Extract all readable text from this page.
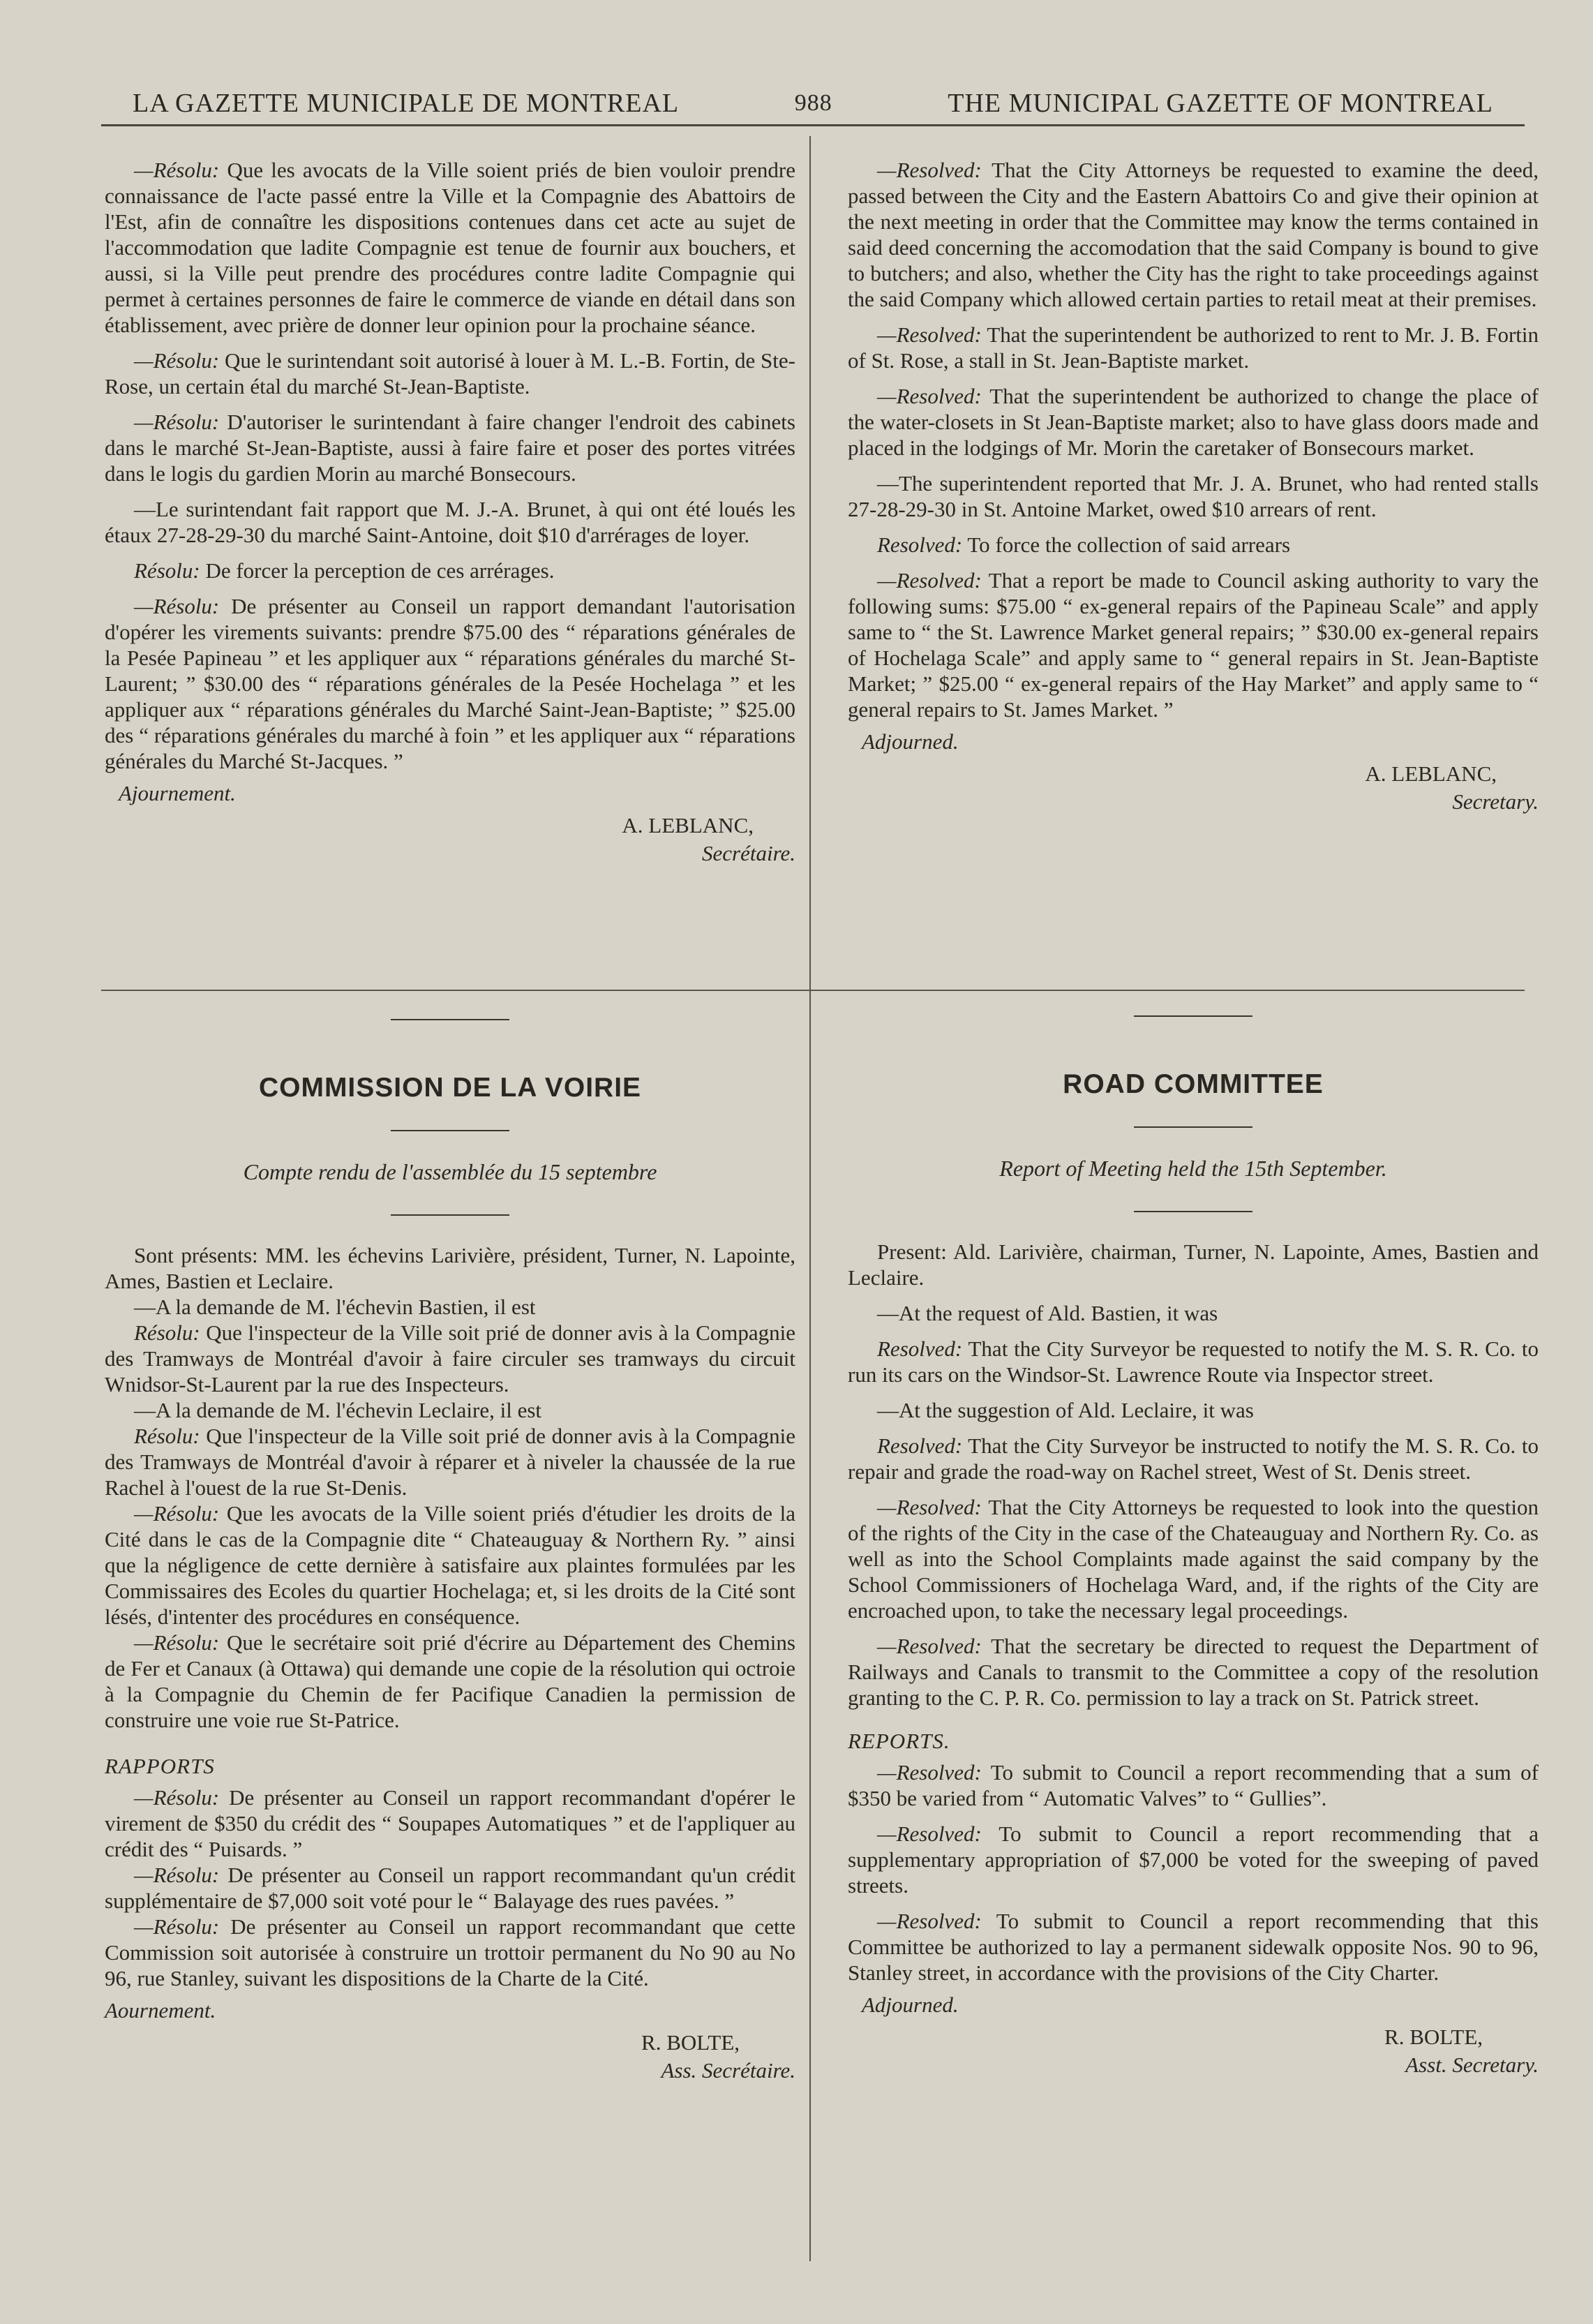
LA GAZETTE MUNICIPALE DE MONTREAL	988	THE MUNICIPAL GAZETTE OF MONTREAL

—Résolu: Que les avocats de la Ville soient priés de bien vouloir prendre connaissance de l'acte passé entre la Ville et la Compagnie des Abattoirs de l'Est, afin de connaître les dispositions contenues dans cet acte au sujet de l'accommodation que ladite Compagnie est tenue de fournir aux bouchers, et aussi, si la Ville peut prendre des procédures contre ladite Compagnie qui permet à certaines personnes de faire le commerce de viande en détail dans son établissement, avec prière de donner leur opinion pour la prochaine séance.

—Résolu: Que le surintendant soit autorisé à louer à M. L.-B. Fortin, de Ste-Rose, un certain étal du marché St-Jean-Baptiste.

—Résolu: D'autoriser le surintendant à faire changer l'endroit des cabinets dans le marché St-Jean-Baptiste, aussi à faire faire et poser des portes vitrées dans le logis du gardien Morin au marché Bonsecours.

—Le surintendant fait rapport que M. J.-A. Brunet, à qui ont été loués les étaux 27-28-29-30 du marché Saint-Antoine, doit $10 d'arrérages de loyer.

Résolu: De forcer la perception de ces arrérages.

—Résolu: De présenter au Conseil un rapport demandant l'autorisation d'opérer les virements suivants: prendre $75.00 des “ réparations générales de la Pesée Papineau ” et les appliquer aux “ réparations générales du marché St-Laurent; ” $30.00 des “ réparations générales de la Pesée Hochelaga ” et les appliquer aux “ réparations générales du Marché Saint-Jean-Baptiste; ” $25.00 des “ réparations générales du marché à foin ” et les appliquer aux “ réparations générales du Marché St-Jacques. ”

Ajournement.
A. LEBLANC,
Secrétaire.

—Resolved: That the City Attorneys be requested to examine the deed, passed between the City and the Eastern Abattoirs Co and give their opinion at the next meeting in order that the Committee may know the terms contained in said deed concerning the accomodation that the said Company is bound to give to butchers; and also, whether the City has the right to take proceedings against the said Company which allowed certain parties to retail meat at their premises.

—Resolved: That the superintendent be authorized to rent to Mr. J. B. Fortin of St. Rose, a stall in St. Jean-Baptiste market.

—Resolved: That the superintendent be authorized to change the place of the water-closets in St Jean-Baptiste market; also to have glass doors made and placed in the lodgings of Mr. Morin the caretaker of Bonsecours market.

—The superintendent reported that Mr. J. A. Brunet, who had rented stalls 27-28-29-30 in St. Antoine Market, owed $10 arrears of rent.

Resolved: To force the collection of said arrears

—Resolved: That a report be made to Council asking authority to vary the following sums: $75.00 “ ex-general repairs of the Papineau Scale” and apply same to “ the St. Lawrence Market general repairs; ” $30.00 ex-general repairs of Hochelaga Scale” and apply same to “ general repairs in St. Jean-Baptiste Market; ” $25.00 “ ex-general repairs of the Hay Market” and apply same to “ general repairs to St. James Market. ”

Adjourned.
A. LEBLANC,
Secretary.
COMMISSION DE LA VOIRIE
Compte rendu de l'assemblée du 15 septembre

Sont présents: MM. les échevins Larivière, président, Turner, N. Lapointe, Ames, Bastien et Leclaire.

—A la demande de M. l'échevin Bastien, il est

Résolu: Que l'inspecteur de la Ville soit prié de donner avis à la Compagnie des Tramways de Montréal d'avoir à faire circuler ses tramways du circuit Wnidsor-St-Laurent par la rue des Inspecteurs.

—A la demande de M. l'échevin Leclaire, il est

Résolu: Que l'inspecteur de la Ville soit prié de donner avis à la Compagnie des Tramways de Montréal d'avoir à réparer et à niveler la chaussée de la rue Rachel à l'ouest de la rue St-Denis.

—Résolu: Que les avocats de la Ville soient priés d'étudier les droits de la Cité dans le cas de la Compagnie dite “ Chateauguay & Northern Ry. ” ainsi que la négligence de cette dernière à satisfaire aux plaintes formulées par les Commissaires des Ecoles du quartier Hochelaga; et, si les droits de la Cité sont lésés, d'intenter des procédures en conséquence.

—Résolu: Que le secrétaire soit prié d'écrire au Département des Chemins de Fer et Canaux (à Ottawa) qui demande une copie de la résolution qui octroie à la Compagnie du Chemin de fer Pacifique Canadien la permission de construire une voie rue St-Patrice.

RAPPORTS

—Résolu: De présenter au Conseil un rapport recommandant d'opérer le virement de $350 du crédit des “ Soupapes Automatiques ” et de l'appliquer au crédit des “ Puisards. ”

—Résolu: De présenter au Conseil un rapport recommandant qu'un crédit supplémentaire de $7,000 soit voté pour le “ Balayage des rues pavées. ”

—Résolu: De présenter au Conseil un rapport recommandant que cette Commission soit autorisée à construire un trottoir permanent du No 90 au No 96, rue Stanley, suivant les dispositions de la Charte de la Cité.

Aournement.
R. BOLTE,
Ass. Secrétaire.
ROAD COMMITTEE
Report of Meeting held the 15th September.

Present: Ald. Larivière, chairman, Turner, N. Lapointe, Ames, Bastien and Leclaire.

—At the request of Ald. Bastien, it was

Resolved: That the City Surveyor be requested to notify the M. S. R. Co. to run its cars on the Windsor-St. Lawrence Route via Inspector street.

—At the suggestion of Ald. Leclaire, it was

Resolved: That the City Surveyor be instructed to notify the M. S. R. Co. to repair and grade the road-way on Rachel street, West of St. Denis street.

—Resolved: That the City Attorneys be requested to look into the question of the rights of the City in the case of the Chateauguay and Northern Ry. Co. as well as into the School Complaints made against the said company by the School Commissioners of Hochelaga Ward, and, if the rights of the City are encroached upon, to take the necessary legal proceedings.

—Resolved: That the secretary be directed to request the Department of Railways and Canals to transmit to the Committee a copy of the resolution granting to the C. P. R. Co. permission to lay a track on St. Patrick street.

REPORTS.

—Resolved: To submit to Council a report recommending that a sum of $350 be varied from “ Automatic Valves” to “ Gullies”.

—Resolved: To submit to Council a report recommending that a supplementary appropriation of $7,000 be voted for the sweeping of paved streets.

—Resolved: To submit to Council a report recommending that this Committee be authorized to lay a permanent sidewalk opposite Nos. 90 to 96, Stanley street, in accordance with the provisions of the City Charter.

Adjourned.
R. BOLTE,
Asst. Secretary.
